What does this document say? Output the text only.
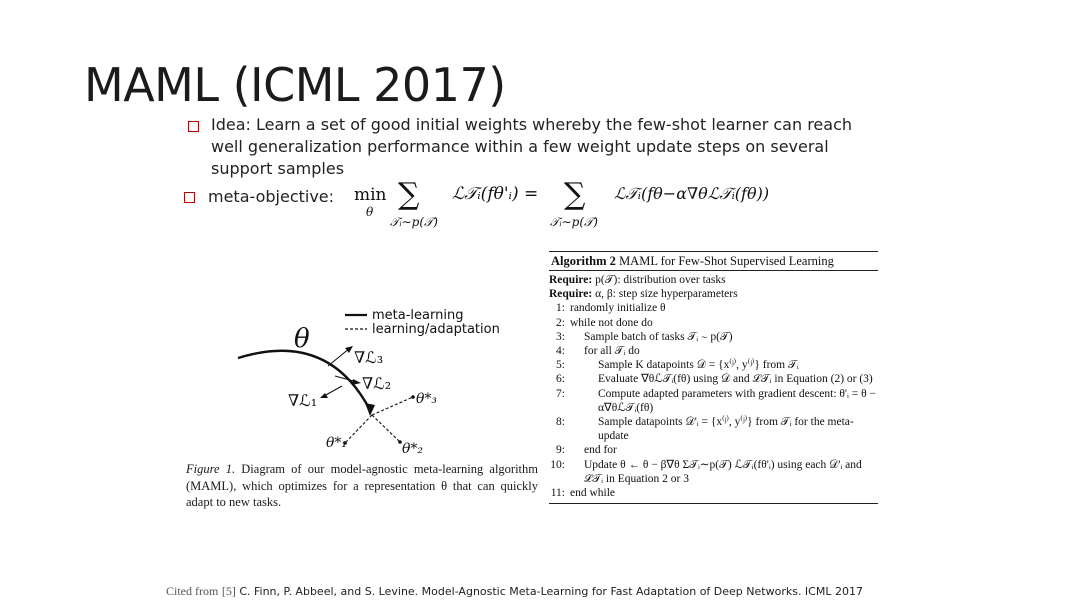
MAML (ICML 2017)
Idea: Learn a set of good initial weights whereby the few-shot learner can reach well generalization performance within a few weight update steps on several support samples
meta-objective: min
θ ∑
𝒯ᵢ∼p(𝒯)
ℒ𝒯ᵢ(fθ'ᵢ) = ∑
𝒯ᵢ∼p(𝒯)
ℒ𝒯ᵢ(fθ−α∇θℒ𝒯ᵢ(fθ))
meta-learning
learning/adaptation
θ
∇ℒ₃
∇ℒ₂
∇ℒ₁	θ*₃
θ*₁	θ*₂
Figure 1. Diagram of our model-agnostic meta-learning algorithm (MAML), which optimizes for a representation θ that can quickly adapt to new tasks.
Algorithm 2 MAML for Few-Shot Supervised Learning
Require: p(𝒯): distribution over tasks
Require: α, β: step size hyperparameters
1: randomly initialize θ
2: while not done do
3:	Sample batch of tasks 𝒯ᵢ ∼ p(𝒯)
4:	for all 𝒯ᵢ do
5:	Sample K datapoints 𝒟 = {x⁽ʲ⁾, y⁽ʲ⁾} from 𝒯ᵢ
6:	Evaluate ∇θℒ𝒯ᵢ(fθ) using 𝒟 and ℒ𝒯ᵢ in Equation (2) or (3)
7:	Compute adapted parameters with gradient descent: θ'ᵢ = θ − α∇θℒ𝒯ᵢ(fθ)
8:	Sample datapoints 𝒟'ᵢ = {x⁽ʲ⁾, y⁽ʲ⁾} from 𝒯ᵢ for the meta-update
9:	end for
10:	Update θ ← θ − β∇θ Σ𝒯ᵢ∼p(𝒯) ℒ𝒯ᵢ(fθ'ᵢ) using each 𝒟'ᵢ and ℒ𝒯ᵢ in Equation 2 or 3
11: end while
Cited from [5] C. Finn, P. Abbeel, and S. Levine. Model-Agnostic Meta-Learning for Fast Adaptation of Deep Networks. ICML 2017
